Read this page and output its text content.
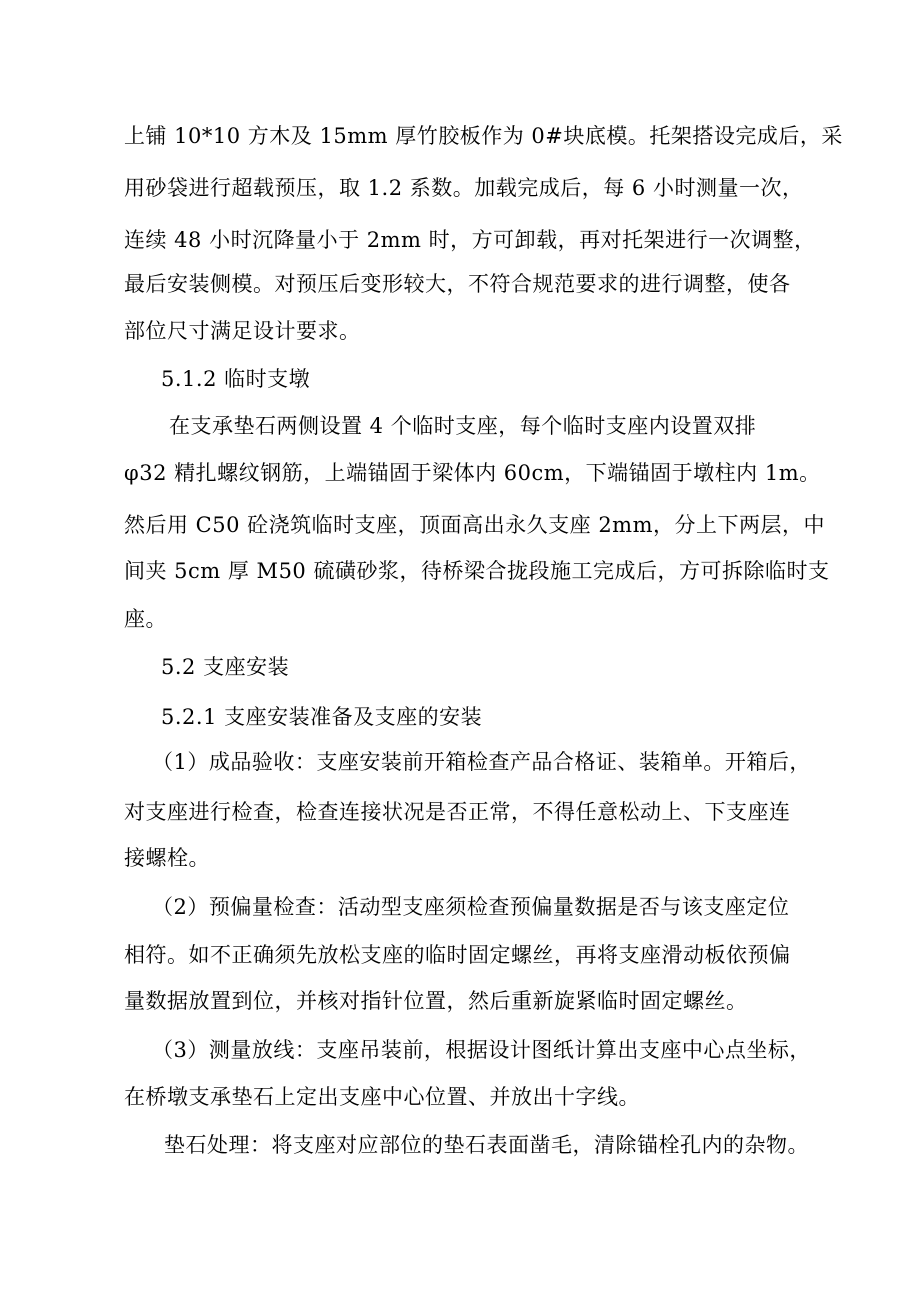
上铺 10*10 方木及 15mm 厚竹胶板作为 0#块底模。托架搭设完成后，采
用砂袋进行超载预压，取 1.2 系数。加载完成后，每 6 小时测量一次，
连续 48 小时沉降量小于 2mm 时，方可卸载，再对托架进行一次调整，
最后安装侧模。对预压后变形较大，不符合规范要求的进行调整，使各
部位尺寸满足设计要求。
5.1.2 临时支墩
在支承垫石两侧设置 4 个临时支座，每个临时支座内设置双排
φ32 精扎螺纹钢筋，上端锚固于梁体内 60cm，下端锚固于墩柱内 1m。
然后用 C50 砼浇筑临时支座，顶面高出永久支座 2mm，分上下两层，中
间夹 5cm 厚 M50 硫磺砂浆，待桥梁合拢段施工完成后，方可拆除临时支
座。
5.2 支座安装
5.2.1 支座安装准备及支座的安装
（1）成品验收：支座安装前开箱检查产品合格证、装箱单。开箱后，
对支座进行检查，检查连接状况是否正常，不得任意松动上、下支座连
接螺栓。
（2）预偏量检查：活动型支座须检查预偏量数据是否与该支座定位
相符。如不正确须先放松支座的临时固定螺丝，再将支座滑动板依预偏
量数据放置到位，并核对指针位置，然后重新旋紧临时固定螺丝。
（3）测量放线：支座吊装前，根据设计图纸计算出支座中心点坐标，
在桥墩支承垫石上定出支座中心位置、并放出十字线。
垫石处理：将支座对应部位的垫石表面凿毛，清除锚栓孔内的杂物。
